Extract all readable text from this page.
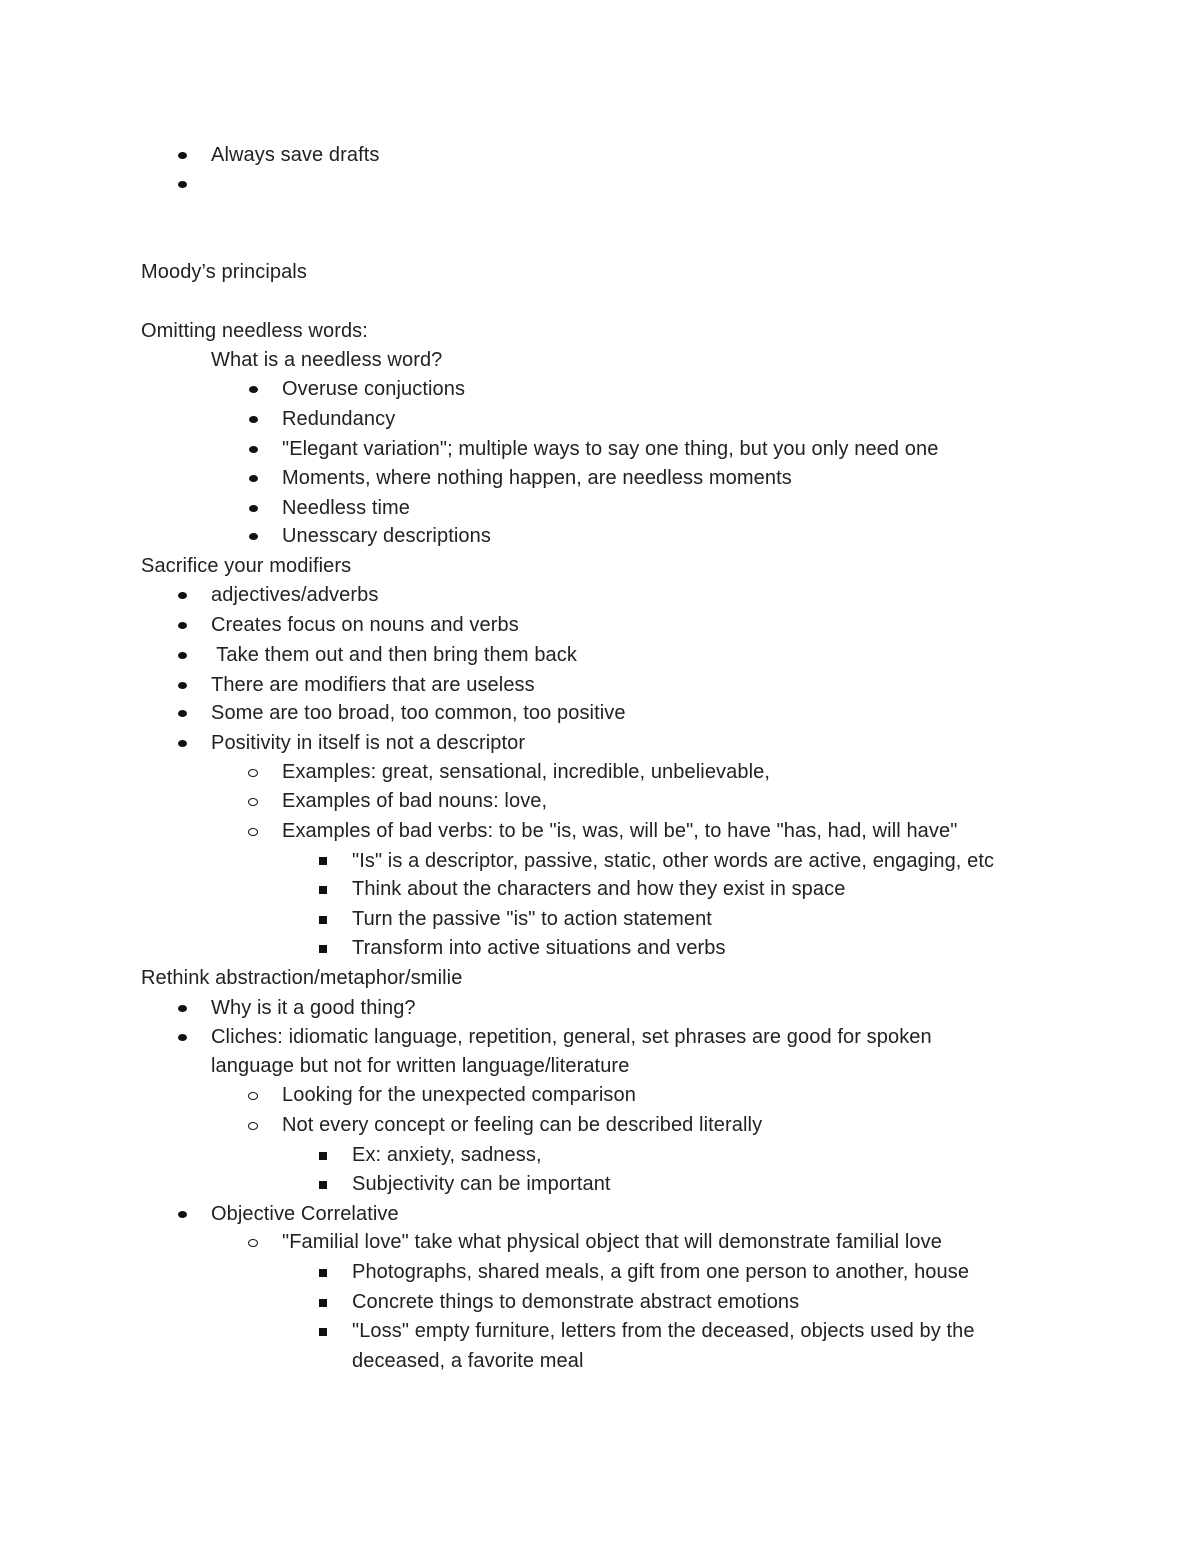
Always save drafts
Moody’s principals
Omitting needless words:
What is a needless word?
Overuse conjuctions
Redundancy
"Elegant variation"; multiple ways to say one thing, but you only need one
Moments, where nothing happen, are needless moments
Needless time
Unesscary descriptions
Sacrifice your modifiers
adjectives/adverbs
Creates focus on nouns and verbs
Take them out and then bring them back
There are modifiers that are useless
Some are too broad, too common, too positive
Positivity in itself is not a descriptor
Examples: great, sensational, incredible, unbelievable,
Examples of bad nouns: love,
Examples of bad verbs: to be "is, was, will be", to have "has, had, will have"
"Is" is a descriptor, passive, static, other words are active, engaging, etc
Think about the characters and how they exist in space
Turn the passive "is" to action statement
Transform into active situations and verbs
Rethink abstraction/metaphor/smilie
Why is it a good thing?
Cliches: idiomatic language, repetition, general, set phrases are good for spoken
language but not for written language/literature
Looking for the unexpected comparison
Not every concept or feeling can be described literally
Ex: anxiety, sadness,
Subjectivity can be important
Objective Correlative
"Familial love" take what physical object that will demonstrate familial love
Photographs, shared meals, a gift from one person to another, house
Concrete things to demonstrate abstract emotions
"Loss" empty furniture, letters from the deceased, objects used by the
deceased, a favorite meal
